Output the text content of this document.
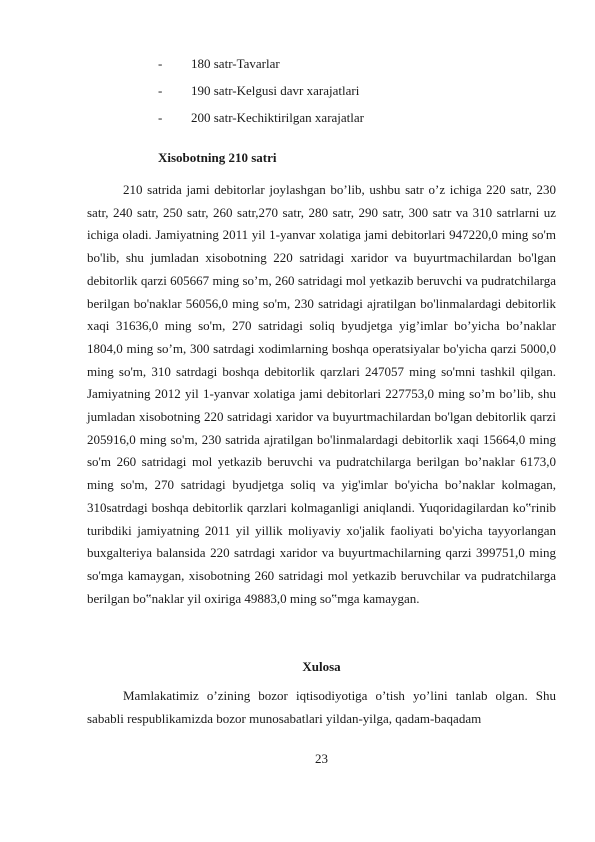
-	180 satr-Tavarlar
-	190 satr-Kelgusi davr xarajatlari
-	200 satr-Kechiktirilgan xarajatlar
Xisobotning 210 satri

210 satrida jami debitorlar joylashgan bo’lib, ushbu satr o’z ichiga 220 satr, 230 satr, 240 satr, 250 satr, 260 satr,270 satr, 280 satr, 290 satr, 300 satr va 310 satrlarni uz ichiga oladi. Jamiyatning 2011 yil 1-yanvar xolatiga jami debitorlari 947220,0 ming so'm bo'lib, shu jumladan xisobotning 220 satridagi xaridor va buyurtmachilardan bo'lgan debitorlik qarzi 605667 ming so’m, 260 satridagi mol yetkazib beruvchi va pudratchilarga berilgan bo'naklar 56056,0 ming so'm, 230 satridagi ajratilgan bo'linmalardagi debitorlik xaqi 31636,0 ming so'm, 270 satridagi soliq byudjetga yig’imlar bo’yicha bo’naklar 1804,0 ming so’m, 300 satrdagi xodimlarning boshqa operatsiyalar bo'yicha qarzi 5000,0 ming so'm, 310 satrdagi boshqa debitorlik qarzlari 247057 ming so'mni tashkil qilgan. Jamiyatning 2012 yil 1-yanvar xolatiga jami debitorlari 227753,0 ming so’m bo’lib, shu jumladan xisobotning 220 satridagi xaridor va buyurtmachilardan bo'lgan debitorlik qarzi 205916,0 ming so'm, 230 satrida ajratilgan bo'linmalardagi debitorlik xaqi 15664,0 ming so'm 260 satridagi mol yetkazib beruvchi va pudratchilarga berilgan bo’naklar 6173,0 ming so'm, 270 satridagi byudjetga soliq va yig'imlar bo'yicha bo’naklar kolmagan, 310satrdagi boshqa debitorlik qarzlari kolmaganligi aniqlandi. Yuqoridagilardan ko‟rinib turibdiki jamiyatning 2011 yil yillik moliyaviy xo'jalik faoliyati bo'yicha tayyorlangan buxgalteriya balansida 220 satrdagi xaridor va buyurtmachilarning qarzi 399751,0 ming so'mga kamaygan, xisobotning 260 satridagi mol yetkazib beruvchilar va pudratchilarga berilgan bo‟naklar yil oxiriga 49883,0 ming so‟mga kamaygan.

Xulosa

Mamlakatimiz o’zining bozor iqtisodiyotiga o’tish yo’lini tanlab olgan. Shu sababli respublikamizda bozor munosabatlari yildan-yilga, qadam-baqadam

23
